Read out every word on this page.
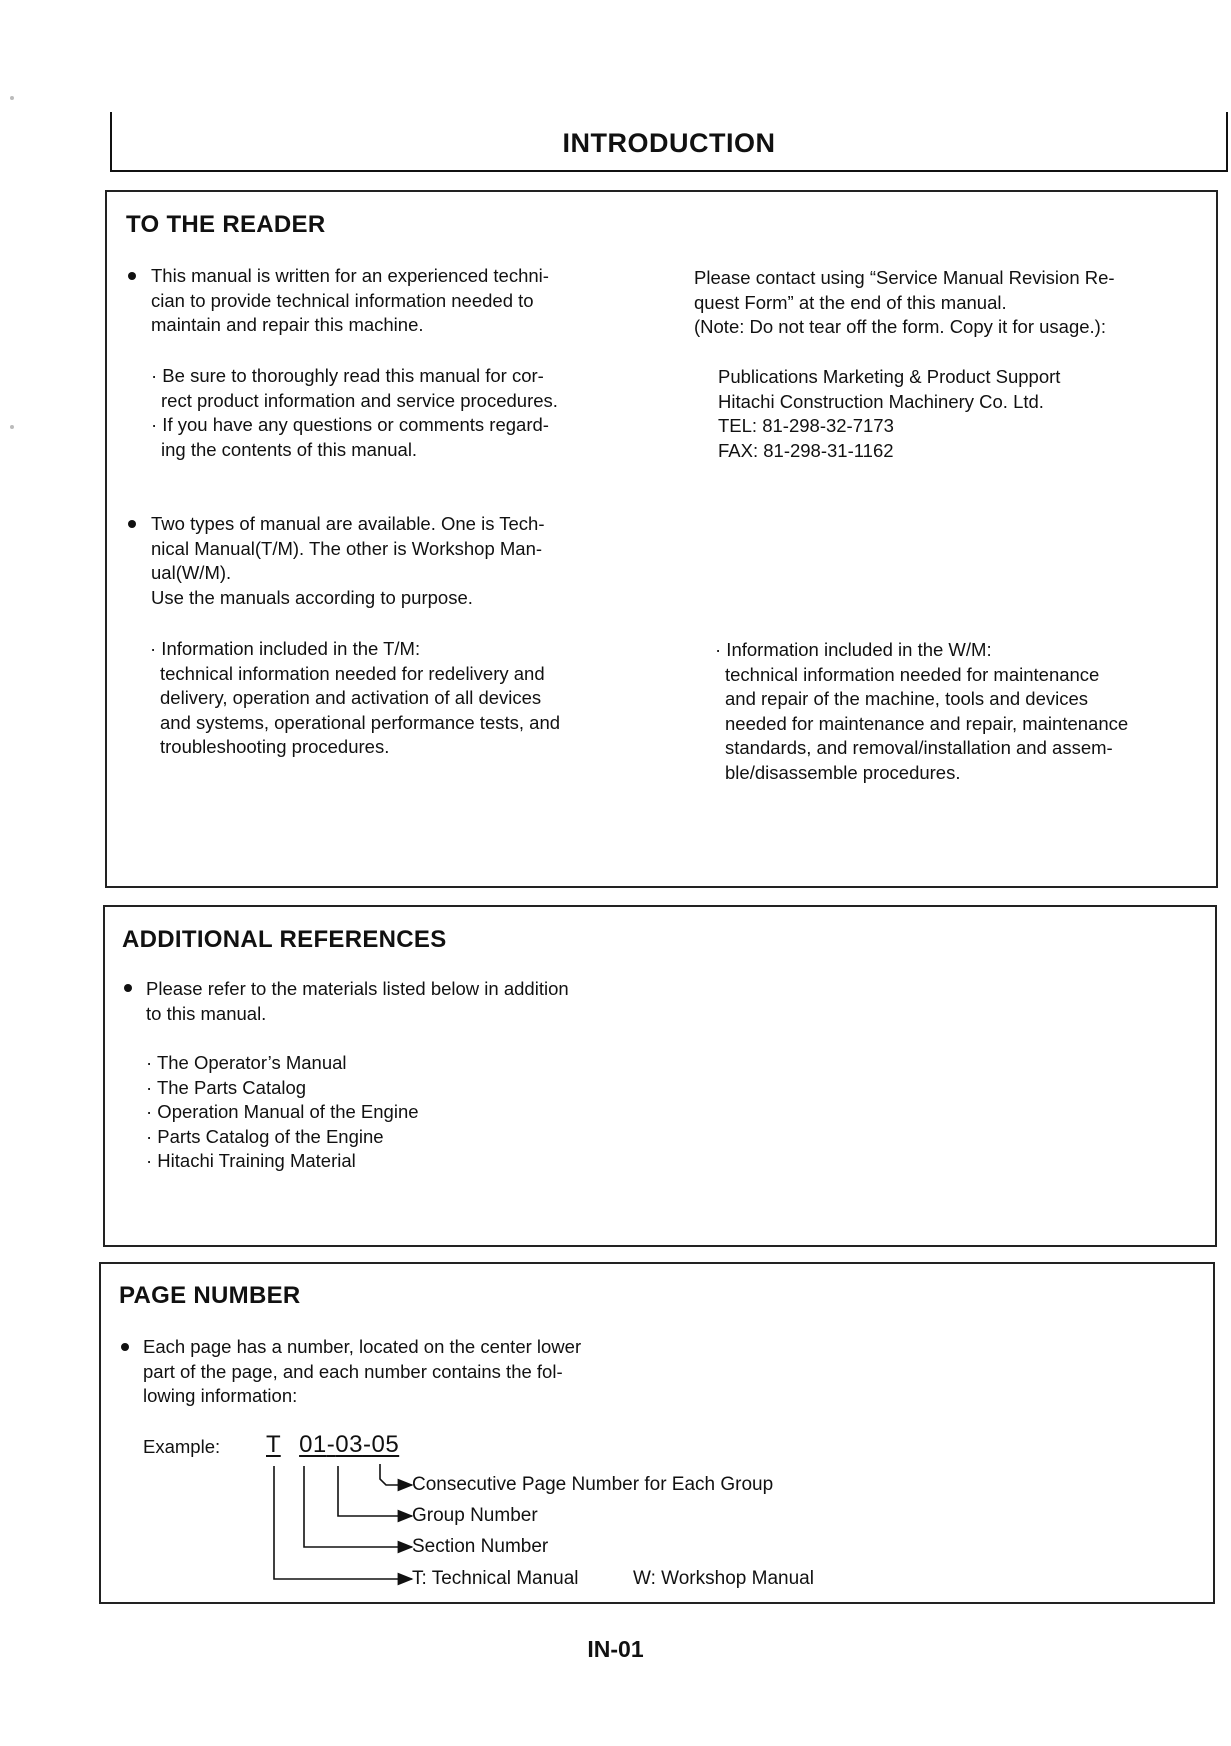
INTRODUCTION
TO THE READER
This manual is written for an experienced techni-
cian to provide technical information needed to
maintain and repair this machine.
· Be sure to thoroughly read this manual for cor-
rect product information and service procedures.
· If you have any questions or comments regard-
ing the contents of this manual.
Please contact using “Service Manual Revision Re-
quest Form” at the end of this manual.
(Note: Do not tear off the form. Copy it for usage.):
Publications Marketing & Product Support
Hitachi Construction Machinery Co. Ltd.
TEL: 81-298-32-7173
FAX: 81-298-31-1162
Two types of manual are available. One is Tech-
nical Manual(T/M). The other is Workshop Man-
ual(W/M).
Use the manuals according to purpose.
· Information included in the T/M:
technical information needed for redelivery and
delivery, operation and activation of all devices
and systems, operational performance tests, and
troubleshooting procedures.
· Information included in the W/M:
technical information needed for maintenance
and repair of the machine, tools and devices
needed for maintenance and repair, maintenance
standards, and removal/installation and assem-
ble/disassemble procedures.
ADDITIONAL REFERENCES
Please refer to the materials listed below in addition
to this manual.
· The Operator’s Manual
· The Parts Catalog
· Operation Manual of the Engine
· Parts Catalog of the Engine
· Hitachi Training Material
PAGE NUMBER
Each page has a number, located on the center lower
part of the page, and each number contains the fol-
lowing information:
Example: T 01-03-05
Consecutive Page Number for Each Group
Group Number
Section Number
T: Technical Manual	W: Workshop Manual
IN-01
